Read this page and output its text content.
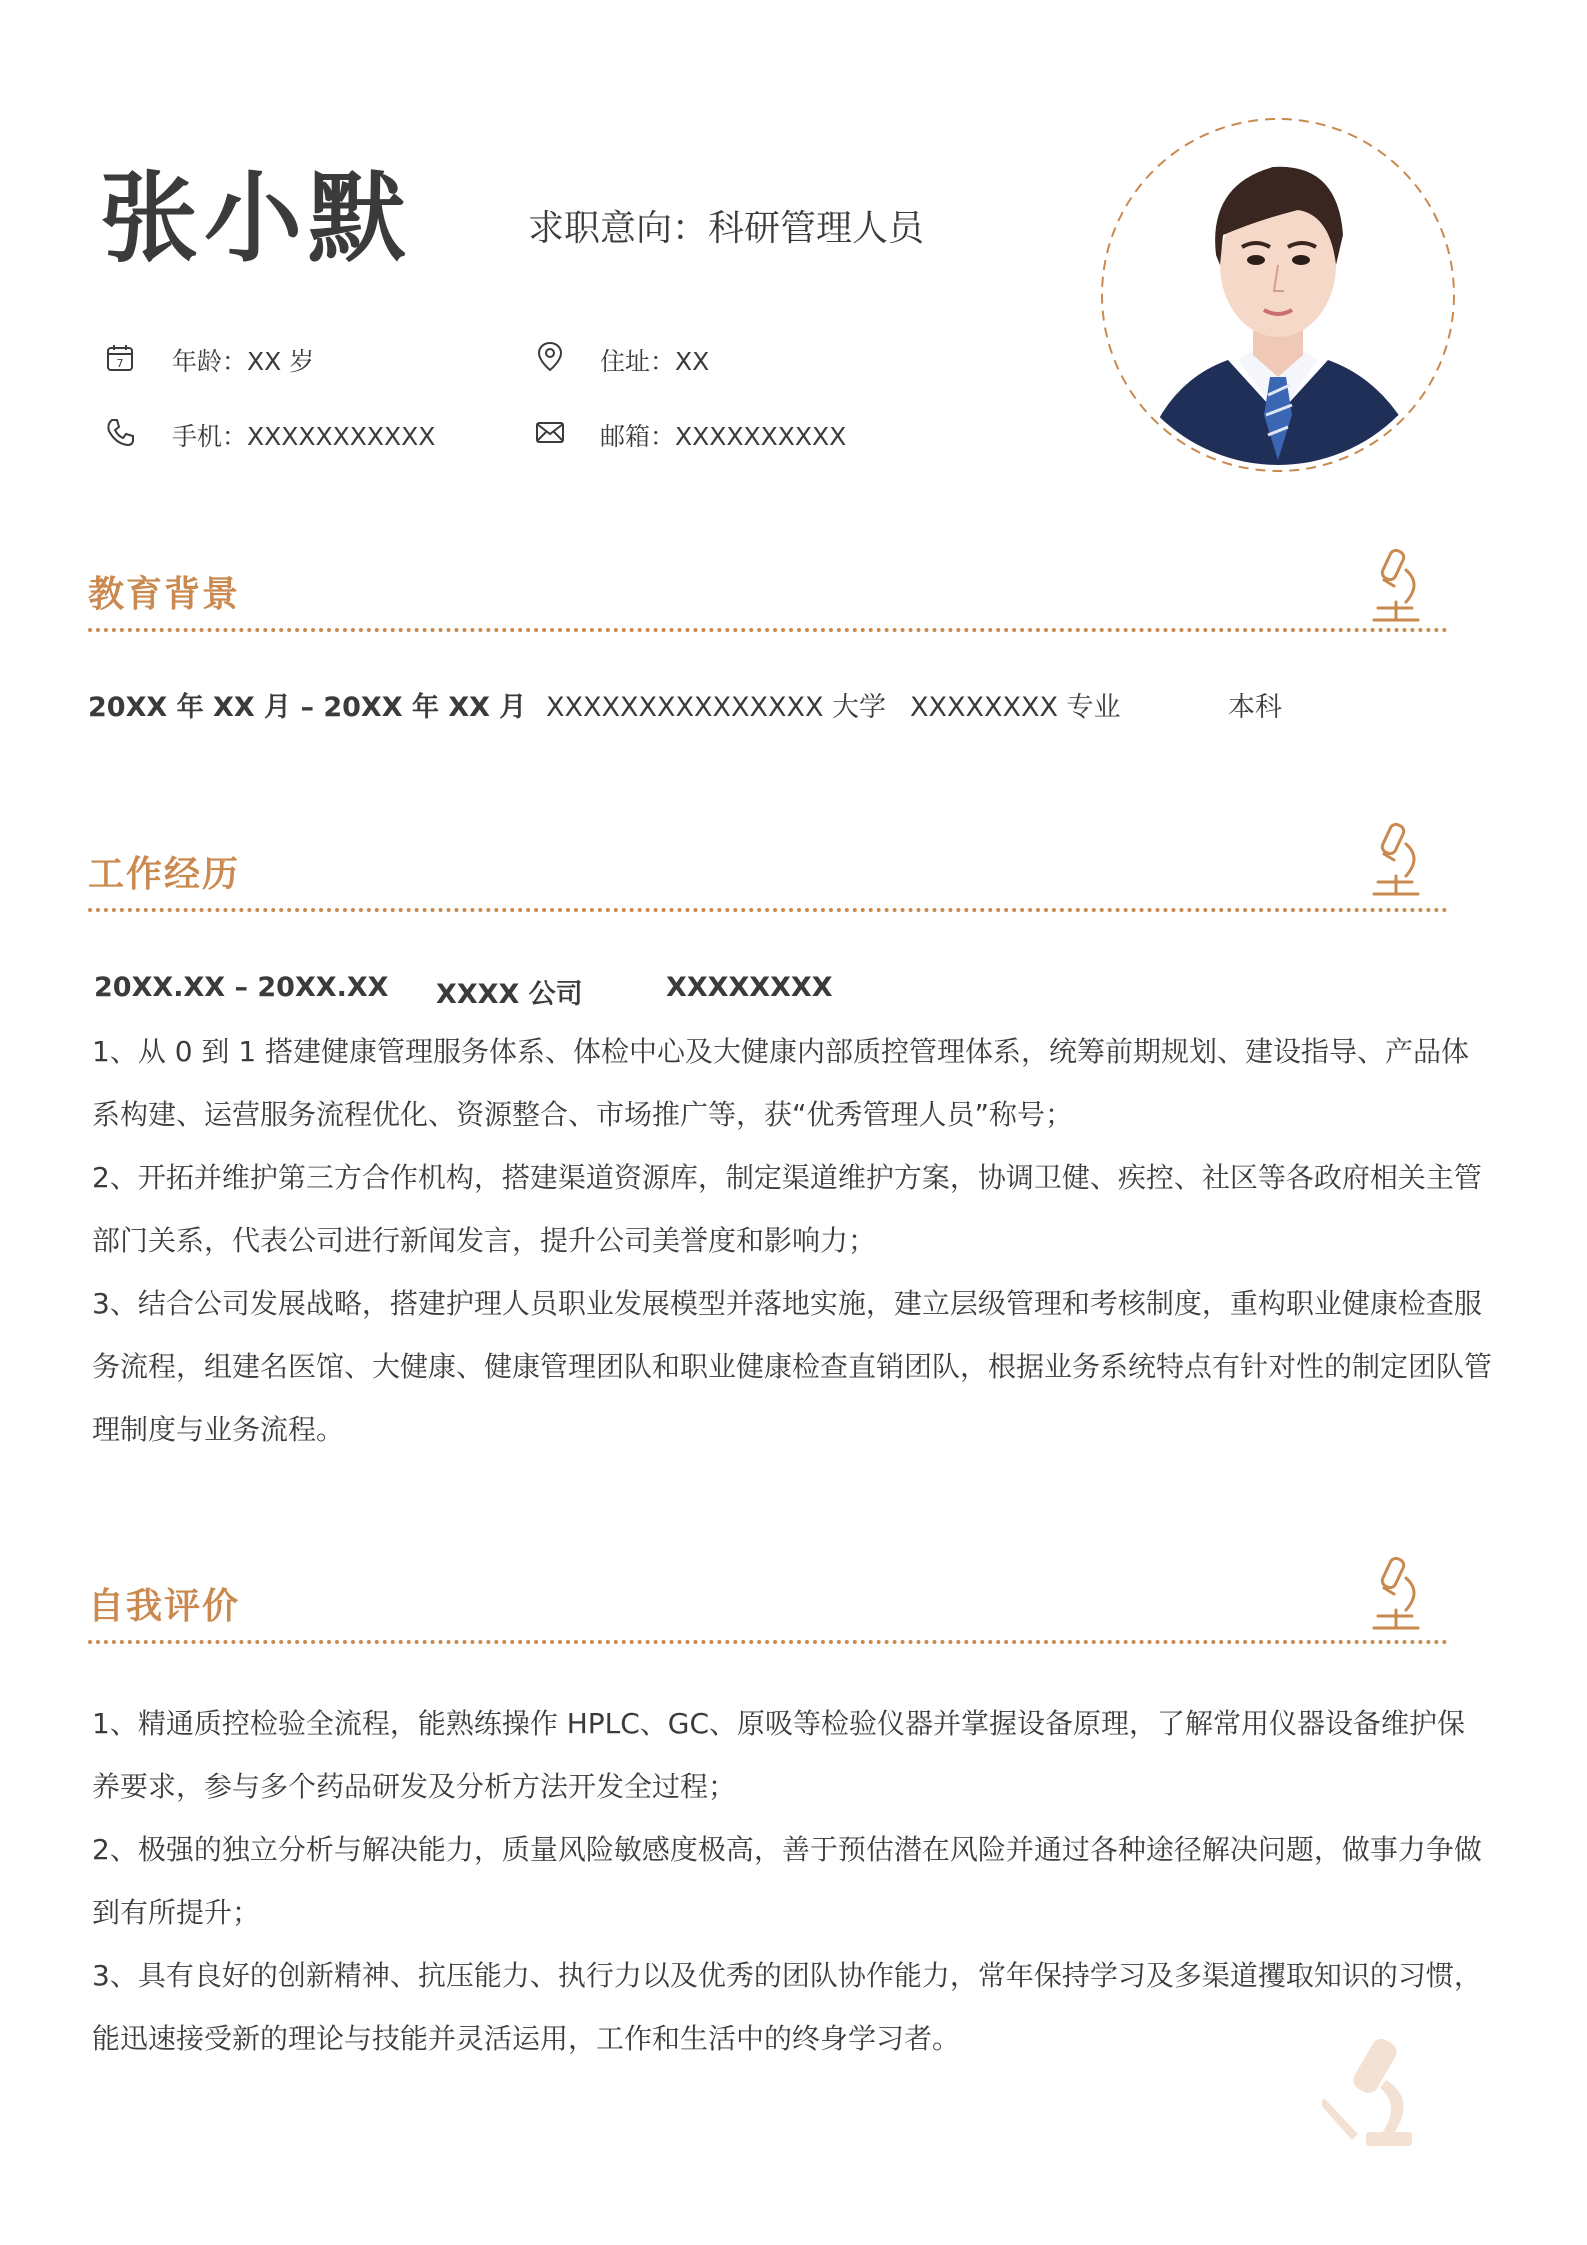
张小默	求职意向：科研管理人员
7 年龄：XX 岁	住址：XX
手机：XXXXXXXXXXX	邮箱：XXXXXXXXXX
教育背景
20XX 年 XX 月 – 20XX 年 XX 月 XXXXXXXXXXXXXXX 大学 XXXXXXXX 专业	本科
工作经历
20XX.XX – 20XX.XX XXXX 公司	XXXXXXXX

1、从 0 到 1 搭建健康管理服务体系、体检中心及大健康内部质控管理体系，统筹前期规划、建设指导、产品体系构建、运营服务流程优化、资源整合、市场推广等，获“优秀管理人员”称号；

2、开拓并维护第三方合作机构，搭建渠道资源库，制定渠道维护方案，协调卫健、疾控、社区等各政府相关主管部门关系，代表公司进行新闻发言，提升公司美誉度和影响力；

3、结合公司发展战略，搭建护理人员职业发展模型并落地实施，建立层级管理和考核制度，重构职业健康检查服务流程，组建名医馆、大健康、健康管理团队和职业健康检查直销团队，根据业务系统特点有针对性的制定团队管理制度与业务流程。

自我评价

1、精通质控检验全流程，能熟练操作 HPLC、GC、原吸等检验仪器并掌握设备原理，了解常用仪器设备维护保养要求，参与多个药品研发及分析方法开发全过程；

2、极强的独立分析与解决能力，质量风险敏感度极高，善于预估潜在风险并通过各种途径解决问题，做事力争做到有所提升；

3、具有良好的创新精神、抗压能力、执行力以及优秀的团队协作能力，常年保持学习及多渠道攫取知识的习惯，能迅速接受新的理论与技能并灵活运用，工作和生活中的终身学习者。
